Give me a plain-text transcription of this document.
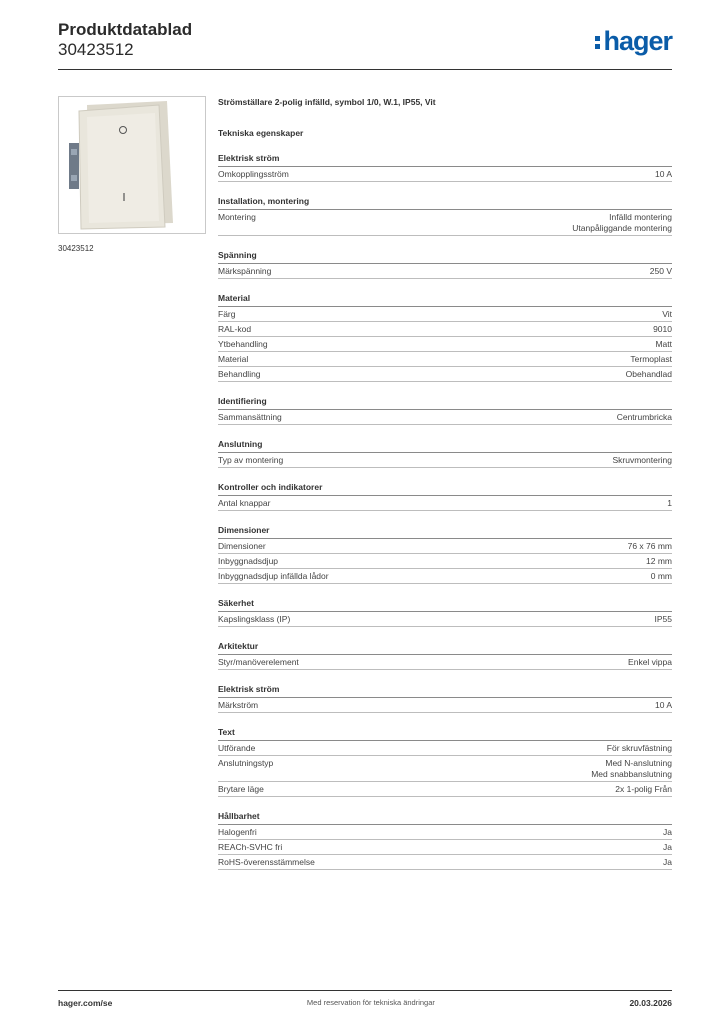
Produktdatablad
30423512	hager
30423512
Strömställare 2-polig infälld, symbol 1/0, W.1, IP55, Vit
Tekniska egenskaper
Elektrisk ström
Omkopplingsström	10 A
Installation, montering
Montering	Infälld montering
Utanpåliggande montering
Spänning
Märkspänning	250 V
Material
Färg	Vit
RAL-kod	9010
Ytbehandling	Matt
Material	Termoplast
Behandling	Obehandlad
Identifiering
Sammansättning	Centrumbricka
Anslutning
Typ av montering	Skruvmontering
Kontroller och indikatorer
Antal knappar	1
Dimensioner
Dimensioner	76 x 76 mm
Inbyggnadsdjup	12 mm
Inbyggnadsdjup infällda lådor	0 mm
Säkerhet
Kapslingsklass (IP)	IP55
Arkitektur
Styr/manöverelement	Enkel vippa
Elektrisk ström
Märkström	10 A
Text
Utförande	För skruvfästning
Anslutningstyp	Med N-anslutning
Med snabbanslutning
Brytare läge	2x 1-polig Från
Hållbarhet
Halogenfri	Ja
REACh-SVHC fri	Ja
RoHS-överensstämmelse	Ja
hager.com/se	Med reservation för tekniska ändringar	20.03.2026
